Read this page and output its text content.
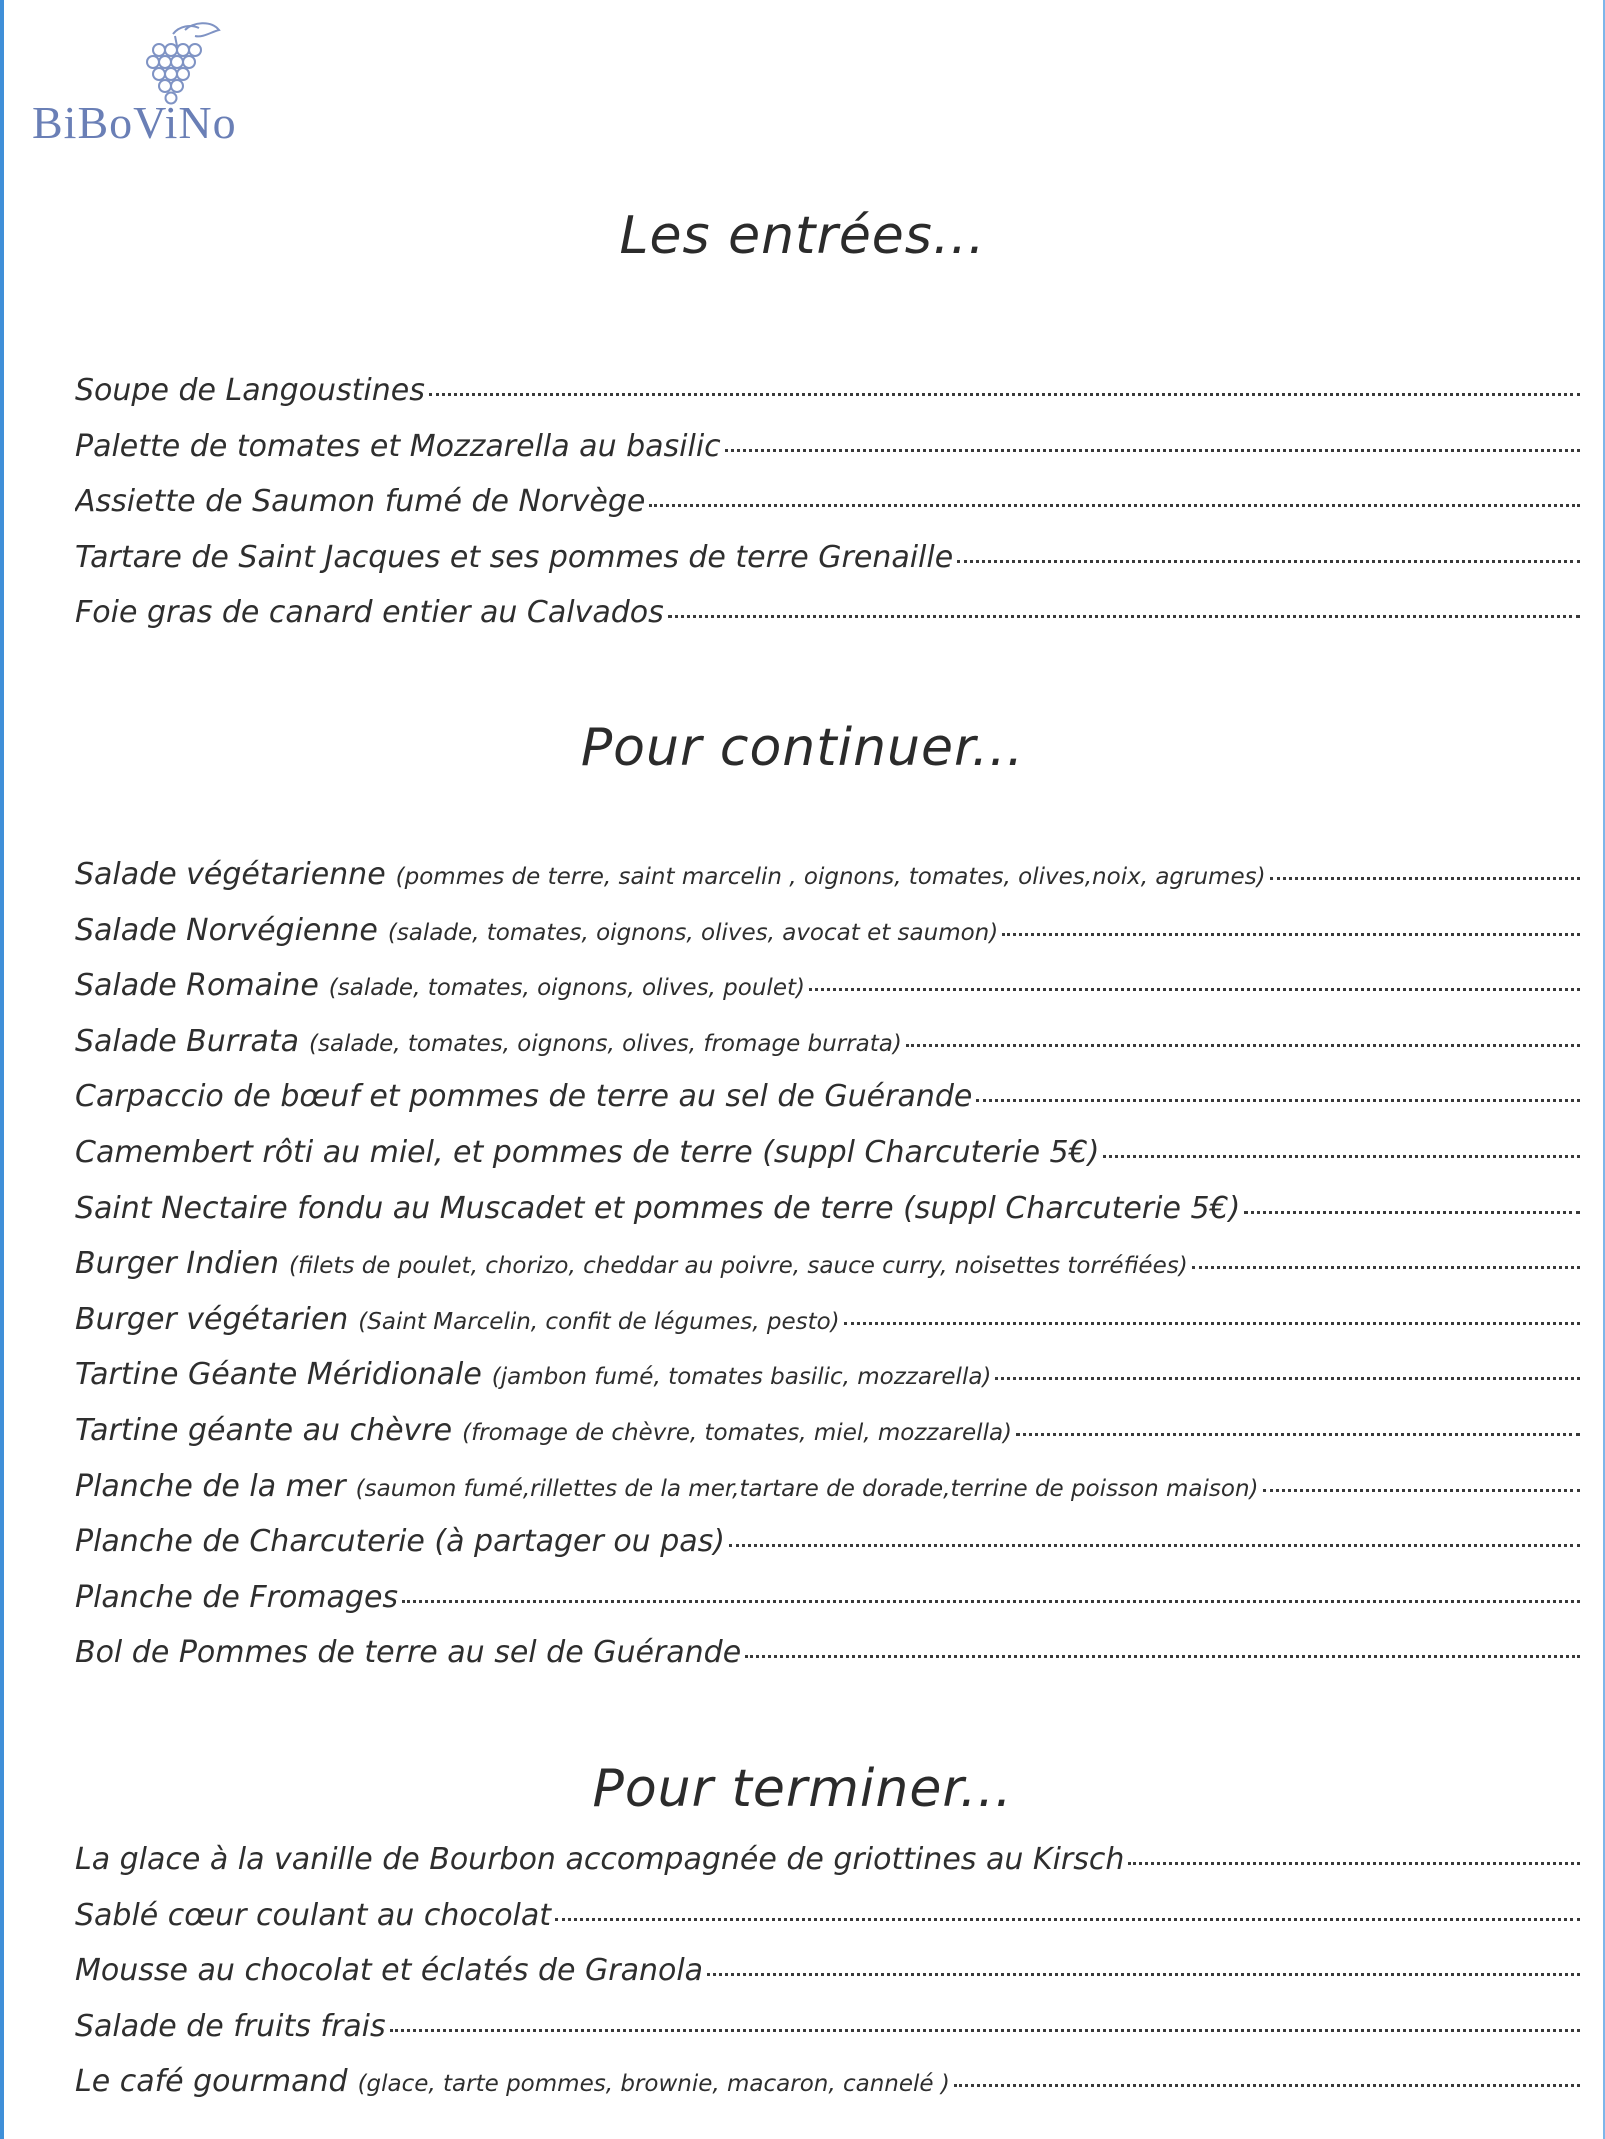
BiBoViNo
Les entrées...
Soupe de Langoustines
Palette de tomates et Mozzarella au basilic
Assiette de Saumon fumé de Norvège
Tartare de Saint Jacques et ses pommes de terre Grenaille
Foie gras de canard entier au Calvados
Pour continuer...
Salade végétarienne (pommes de terre, saint marcelin , oignons, tomates, olives,noix, agrumes)
Salade Norvégienne (salade, tomates, oignons, olives, avocat et saumon)
Salade Romaine (salade, tomates, oignons, olives, poulet)
Salade Burrata (salade, tomates, oignons, olives, fromage burrata)
Carpaccio de bœuf et pommes de terre au sel de Guérande
Camembert rôti au miel, et pommes de terre (suppl Charcuterie 5€)
Saint Nectaire fondu au Muscadet et pommes de terre (suppl Charcuterie 5€)
Burger Indien (filets de poulet, chorizo, cheddar au poivre, sauce curry, noisettes torréfiées)
Burger végétarien (Saint Marcelin, confit de légumes, pesto)
Tartine Géante Méridionale (jambon fumé, tomates basilic, mozzarella)
Tartine géante au chèvre (fromage de chèvre, tomates, miel, mozzarella)
Planche de la mer (saumon fumé,rillettes de la mer,tartare de dorade,terrine de poisson maison)
Planche de Charcuterie (à partager ou pas)
Planche de Fromages
Bol de Pommes de terre au sel de Guérande
Pour terminer...
La glace à la vanille de Bourbon accompagnée de griottines au Kirsch
Sablé cœur coulant au chocolat
Mousse au chocolat et éclatés de Granola
Salade de fruits frais
Le café gourmand (glace, tarte pommes, brownie, macaron, cannelé )
